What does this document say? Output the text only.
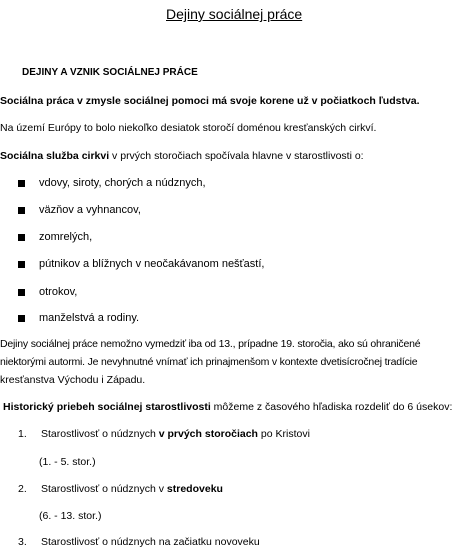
Dejiny sociálnej práce
DEJINY A VZNIK SOCIÁLNEJ PRÁCE
Sociálna práca v zmysle sociálnej pomoci má svoje korene už v počiatkoch ľudstva.
Na území Európy to bolo niekoľko desiatok storočí doménou kresťanských cirkví.
Sociálna služba cirkvi v prvých storočiach spočívala hlavne v starostlivosti o:
vdovy, siroty, chorých a núdznych,
väzňov a vyhnancov,
zomrelých,
pútnikov a blížnych v neočakávanom nešťastí,
otrokov,
manželstvá a rodiny.
Dejiny sociálnej práce nemožno vymedziť iba od 13., prípadne 19. storočia, ako sú ohraničené
niektorými autormi. Je nevyhnutné vnímať ich prinajmenšom v kontexte dvetisícročnej tradície
kresťanstva Východu i Západu.
Historický priebeh sociálnej starostlivosti môžeme z časového hľadiska rozdeliť do 6 úsekov:
1. Starostlivosť o núdznych v prvých storočiach po Kristovi
(1. - 5. stor.)
2. Starostlivosť o núdznych v stredoveku
(6. - 13. stor.)
3. Starostlivosť o núdznych na začiatku novoveku
